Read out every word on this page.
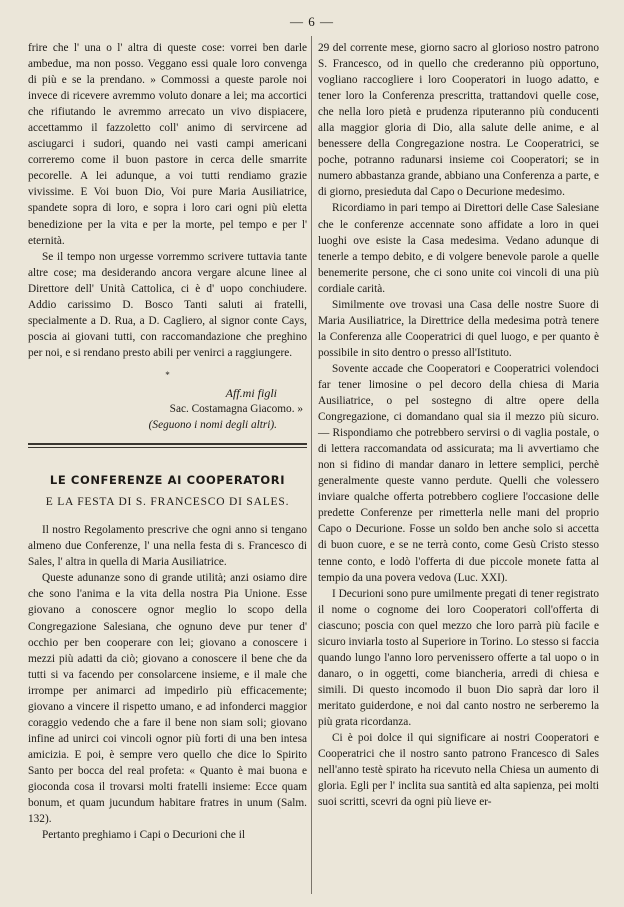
— 6 —

frire che l' una o l' altra di queste cose: vorrei ben darle ambedue, ma non posso. Veggano essi quale loro convenga di più e se la prendano. » Commossi a queste parole noi invece di ricevere avremmo voluto donare a lei; ma accortici che rifiutando le avremmo arrecato un vivo dispiacere, accettammo il fazzoletto coll' animo di servircene ad asciugarci i sudori, quando nei vasti campi americani correremo come il buon pastore in cerca delle smarrite pecorelle. A lei adunque, a voi tutti rendiamo grazie vivissime. E Voi buon Dio, Voi pure Maria Ausiliatrice, spandete sopra di loro, e sopra i loro cari ogni più eletta benedizione per la vita e per la morte, pel tempo e per l' eternità.

Se il tempo non urgesse vorremmo scrivere tuttavia tante altre cose; ma desiderando ancora vergare alcune linee al Direttore dell' Unità Cattolica, ci è d' uopo conchiudere. Addio carissimo D. Bosco Tanti saluti ai fratelli, specialmente a D. Rua, a D. Cagliero, al signor conte Cays, poscia ai giovani tutti, con raccomandazione che preghino per noi, e si rendano presto abili per venirci a raggiungere.

*
Aff.mi figli
Sac. Costamagna Giacomo. »
(Seguono i nomi degli altri).
LE CONFERENZE AI COOPERATORI
E LA FESTA DI S. FRANCESCO DI SALES.

Il nostro Regolamento prescrive che ogni anno si tengano almeno due Conferenze, l' una nella festa di s. Francesco di Sales, l' altra in quella di Maria Ausiliatrice.

Queste adunanze sono di grande utilità; anzi osiamo dire che sono l'anima e la vita della nostra Pia Unione. Esse giovano a conoscere ognor meglio lo scopo della Congregazione Salesiana, che ognuno deve pur tener d' occhio per ben cooperare con lei; giovano a conoscere i mezzi più adatti da ciò; giovano a conoscere il bene che da tutti si va facendo per consolarcene insieme, e il male che irrompe per animarci ad impedirlo più efficacemente; giovano a vincere il rispetto umano, e ad infonderci maggior coraggio vedendo che a fare il bene non siam soli; giovano infine ad unirci coi vincoli ognor più forti di una ben intesa amicizia. E poi, è sempre vero quello che dice lo Spirito Santo per bocca del real profeta: « Quanto è mai buona e gioconda cosa il trovarsi molti fratelli insieme: Ecce quam bonum, et quam jucundum habitare fratres in unum (Salm. 132).

Pertanto preghiamo i Capi o Decurioni che il

29 del corrente mese, giorno sacro al glorioso nostro patrono S. Francesco, od in quello che crederanno più opportuno, vogliano raccogliere i loro Cooperatori in luogo adatto, e tener loro la Conferenza prescritta, trattandovi quelle cose, che nella loro pietà e prudenza riputeranno più conducenti alla maggior gloria di Dio, alla salute delle anime, e al benessere della Congregazione nostra. Le Cooperatrici, se poche, potranno radunarsi insieme coi Cooperatori; se in numero abbastanza grande, abbiano una Conferenza a parte, e di giorno, presieduta dal Capo o Decurione medesimo.

Ricordiamo in pari tempo ai Direttori delle Case Salesiane che le conferenze accennate sono affidate a loro in quei luoghi ove esiste la Casa medesima. Vedano adunque di tenerle a tempo debito, e di volgere benevole parole a quelle benemerite persone, che ci sono unite coi vincoli di una più cordiale carità.

Similmente ove trovasi una Casa delle nostre Suore di Maria Ausiliatrice, la Direttrice della medesima potrà tenere la Conferenza alle Cooperatrici di quel luogo, e per quanto è possibile in sito dentro o presso all'Istituto.

Sovente accade che Cooperatori e Cooperatrici volendoci far tener limosine o pel decoro della chiesa di Maria Ausiliatrice, o pel sostegno di altre opere della Congregazione, ci domandano qual sia il mezzo più sicuro. — Rispondiamo che potrebbero servirsi o di vaglia postale, o di lettera raccomandata od assicurata; ma li avvertiamo che non si fidino di mandar danaro in lettere semplici, perchè generalmente queste vanno perdute. Quelli che volessero inviare qualche offerta potrebbero cogliere l'occasione delle predette Conferenze per rimetterla nelle mani del proprio Capo o Decurione. Fosse un soldo ben anche solo si accetta di buon cuore, e se ne terrà conto, come Gesù Cristo stesso tenne conto, e lodò l'offerta di due piccole monete fatta al tempio da una povera vedova (Luc. XXI).

I Decurioni sono pure umilmente pregati di tener registrato il nome o cognome dei loro Cooperatori coll'offerta di ciascuno; poscia con quel mezzo che loro parrà più facile e sicuro inviarla tosto al Superiore in Torino. Lo stesso si faccia quando lungo l'anno loro pervenissero offerte a tal uopo o in danaro, o in oggetti, come biancheria, arredi di chiesa e simili. Di questo incomodo il buon Dio saprà dar loro il meritato guiderdone, e noi dal canto nostro ne serberemo la più grata ricordanza.

Ci è poi dolce il qui significare ai nostri Cooperatori e Cooperatrici che il nostro santo patrono Francesco di Sales nell'anno testè spirato ha ricevuto nella Chiesa un aumento di gloria. Egli per l' inclita sua santità ed alta sapienza, pei molti suoi scritti, scevri da ogni più lieve er-
